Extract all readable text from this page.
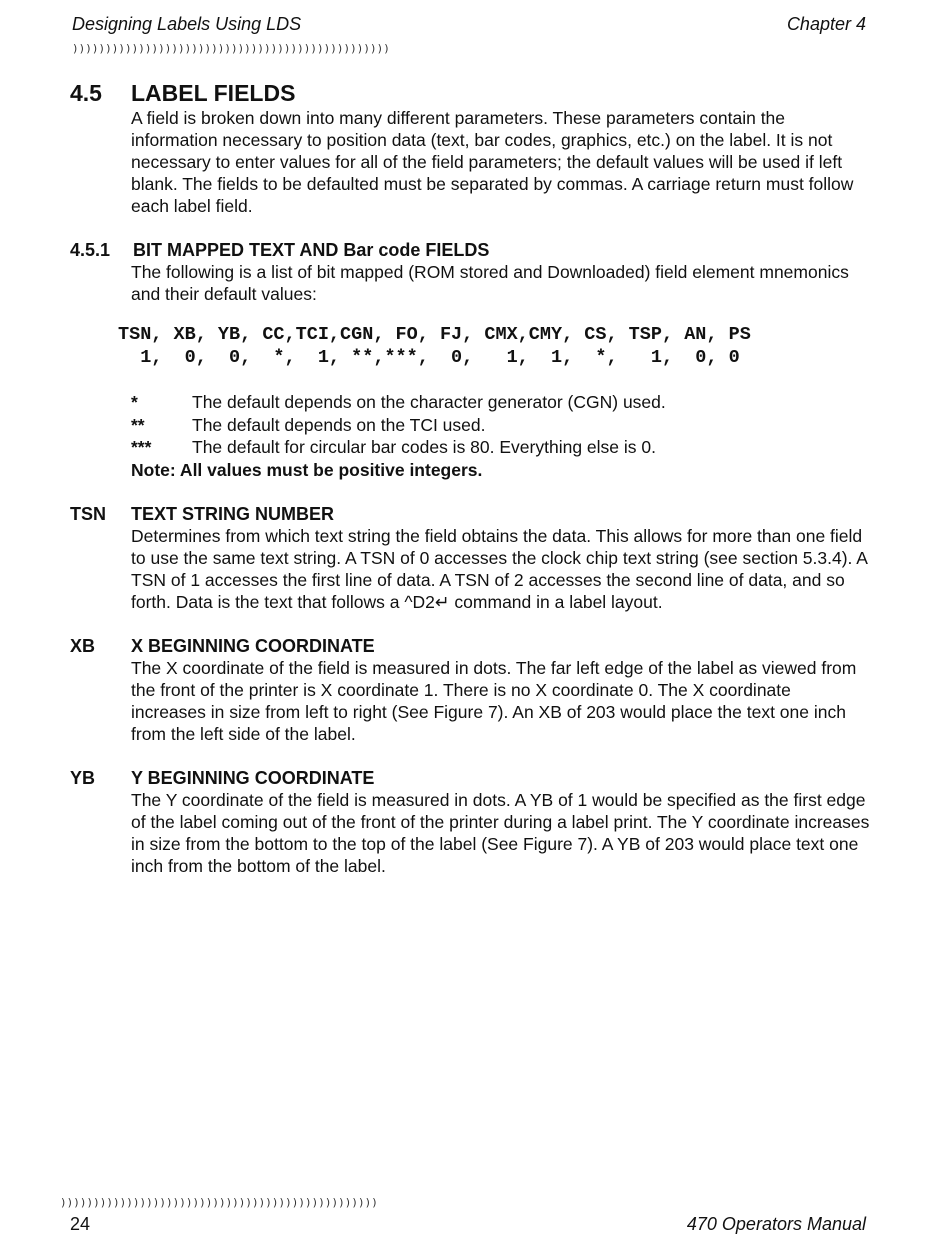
Designing Labels Using LDS	Chapter 4
))))))))))))))))))))))))))))))))))))))))))))))))
4.5	LABEL FIELDS
A field is broken down into many different parameters. These parameters contain the information necessary to position data (text, bar codes, graphics, etc.) on the label. It is not necessary to enter values for all of the field parameters; the default values will be used if left blank. The fields to be defaulted must be separated by commas. A carriage return must follow each label field.
4.5.1	BIT MAPPED TEXT AND Bar code FIELDS
The following is a list of bit mapped (ROM stored and Downloaded) field element mnemonics and their default values:
TSN, XB, YB, CC,TCI,CGN, FO, FJ, CMX,CMY, CS, TSP, AN, PS
1,  0,  0,  *,  1, **,***,  0,   1,  1,  *,   1,  0, 0
*	The default depends on the character generator (CGN) used.
**	The default depends on the TCI used.
***	The default for circular bar codes is 80. Everything else is 0.
Note: All values must be positive integers.
TSN	TEXT STRING NUMBER
Determines from which text string the field obtains the data. This allows for more than one field to use the same text string. A TSN of 0 accesses the clock chip text string (see section 5.3.4). A TSN of 1 accesses the first line of data. A TSN of 2 accesses the second line of data, and so forth. Data is the text that follows a ^D2↵ command in a label layout.
XB	X BEGINNING COORDINATE
The X coordinate of the field is measured in dots. The far left edge of the label as viewed from the front of the printer is X coordinate 1. There is no X coordinate 0. The X coordinate increases in size from left to right (See Figure 7). An XB of 203 would place the text one inch from the left side of the label.
YB	Y BEGINNING COORDINATE
The Y coordinate of the field is measured in dots. A YB of 1 would be specified as the first edge of the label coming out of the front of the printer during a label print. The Y coordinate increases in size from the bottom to the top of the label (See Figure 7). A YB of 203 would place text one inch from the bottom of the label.
))))))))))))))))))))))))))))))))))))))))))))))))
24	470 Operators Manual
